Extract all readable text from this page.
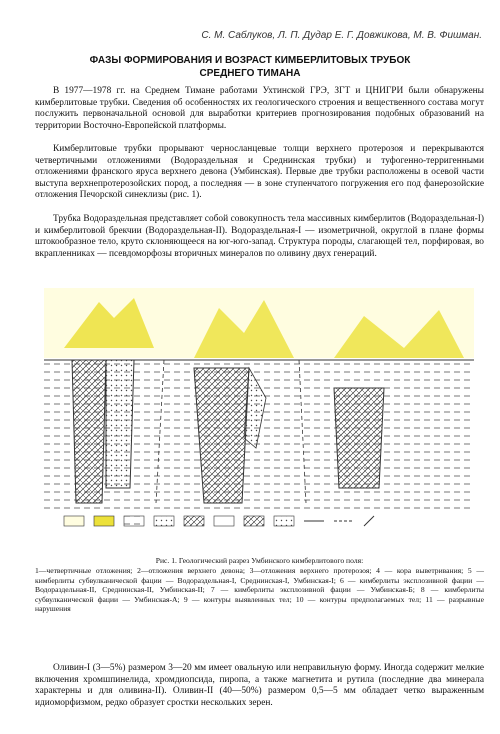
С. М. Саблуков, Л. П. Дудар Е. Г. Довжикова, М. В. Фишман.
ФАЗЫ ФОРМИРОВАНИЯ И ВОЗРАСТ КИМБЕРЛИТОВЫХ ТРУБОК
СРЕДНЕГО ТИМАНА

В 1977—1978 гг. на Среднем Тимане работами Ухтинской ГРЭ, ЗГТ и ЦНИГРИ были обнаружены кимберлитовые трубки. Сведения об особенностях их геологического строения и вещественного состава могут послужить первоначальной основой для выработки критериев прогнозирования подобных образований на территории Восточно-Европейской платформы.

Кимберлитовые трубки прорывают черносланцевые толщи верхнего протерозоя и перекрываются четвертичными отложениями (Водораздельная и Среднинская трубки) и туфогенно-терригенными отложениями франского яруса верхнего девона (Умбинская). Первые две трубки расположены в осевой части выступа верхнепротерозойских пород, а последняя — в зоне ступенчатого погружения его под фанерозойские отложения Печорской синеклизы (рис. 1).

Трубка Водораздельная представляет собой совокупность тела массивных кимберлитов (Водораздельная-I) и кимберлитовой брекчии (Водораздельная-II). Водораздельная-I — изометричной, округлой в плане формы штокообразное тело, круто склоняющееся на юг-юго-запад. Структура породы, слагающей тел, порфировая, во вкрапленниках — псевдоморфозы вторичных минералов по оливину двух генераций.

Рис. 1. Геологический разрез Умбинского кимберлитового поля:
1—четвертичные отложения; 2—отложения верхнего девона; 3—отложения верхнего протерозоя; 4 — кора выветривания; 5 — кимберлиты субвулканической фации — Водораздельная-I, Среднинская-I, Умбинская-I; 6 — кимберлиты эксплозивной фации — Водораздельная-II, Среднинская-II, Умбинская-II; 7 — кимберлиты эксплозивной фации — Умбинская-Б; 8 — кимберлиты субвулканической фации — Умбинская-А; 9 — контуры выявленных тел; 10 — контуры предполагаемых тел; 11 — разрывные нарушения

Оливин-I (3—5%) размером 3—20 мм имеет овальную или неправильную форму. Иногда содержит мелкие включения хромшпинелида, хромдиопсида, пиропа, а также магнетита и рутила (последние два минерала характерны и для оливина-II). Оливин-II (40—50%) размером 0,5—5 мм обладает четко выраженным идиоморфизмом, редко образует сростки нескольких зерен.
